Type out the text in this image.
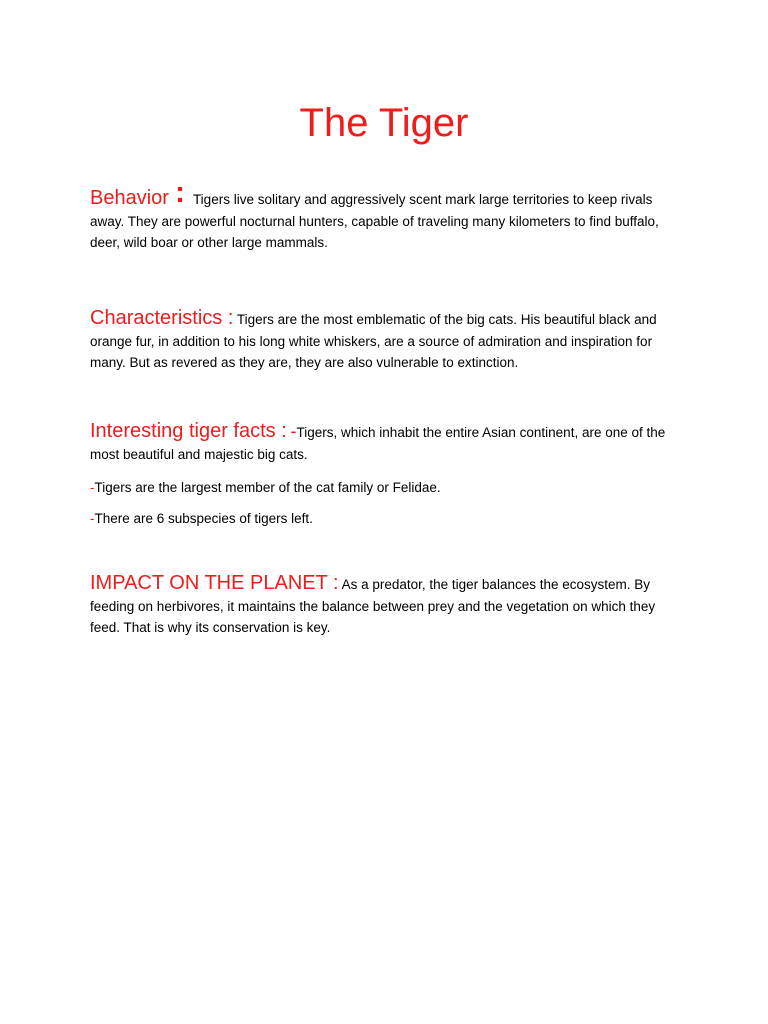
The Tiger

Behavior : Tigers live solitary and aggressively scent mark large territories to keep rivals away. They are powerful nocturnal hunters, capable of traveling many kilometers to find buffalo, deer, wild boar or other large mammals.

Characteristics : Tigers are the most emblematic of the big cats. His beautiful black and orange fur, in addition to his long white whiskers, are a source of admiration and inspiration for many. But as revered as they are, they are also vulnerable to extinction.

Interesting tiger facts : -Tigers, which inhabit the entire Asian continent, are one of the most beautiful and majestic big cats.

-Tigers are the largest member of the cat family or Felidae.

-There are 6 subspecies of tigers left.

IMPACT ON THE PLANET : As a predator, the tiger balances the ecosystem. By feeding on herbivores, it maintains the balance between prey and the vegetation on which they feed. That is why its conservation is key.
